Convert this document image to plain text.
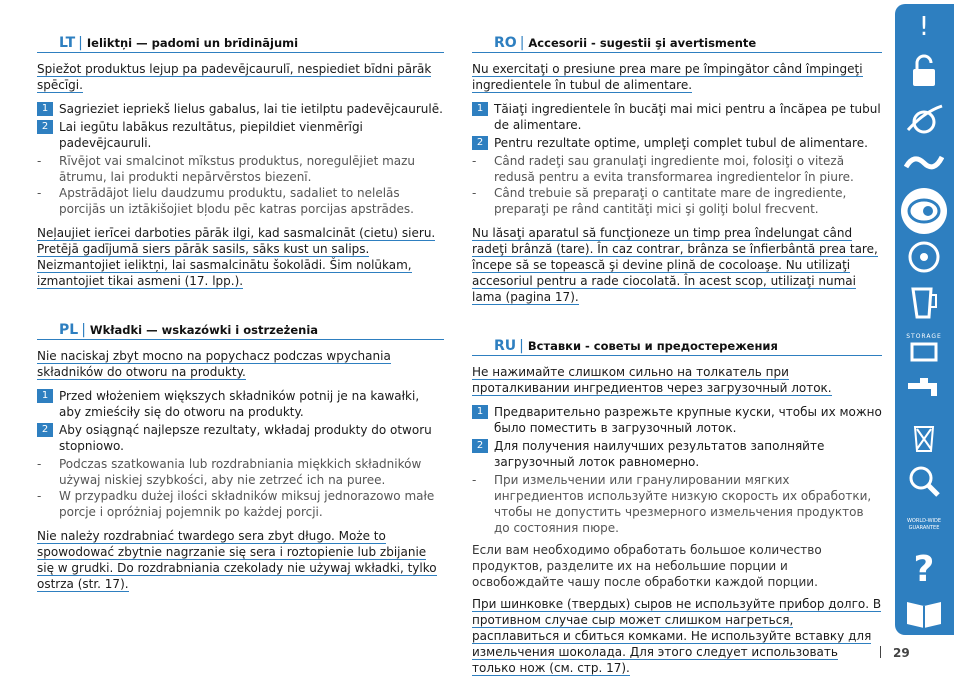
LT | Ieliktņi — padomi un brīdinājumi
Spiežot produktus lejup pa padevējcaurulī, nespiediet bīdni pārāk spēcīgi.
1 Sagrieziet iepriekš lielus gabalus, lai tie ietilptu padevējcaurulē.
2 Lai iegūtu labākus rezultātus, piepildiet vienmērīgi padevējcauruli.
-	Rīvējot vai smalcinot mīkstus produktus, noregulējiet mazu ātrumu, lai produkti nepārvērstos biezenī.
-	Apstrādājot lielu daudzumu produktu, sadaliet to nelelās porcijās un iztākišojiet bļodu pēc katras porcijas apstrādes.
Neļaujiet ierīcei darboties pārāk ilgi, kad sasmalcināt (cietu) sieru. Pretējā gadījumā siers pārāk sasils, sāks kust un salips. Neizmantojiet ieliktņi, lai sasmalcinātu šokolādi. Šim nolūkam, izmantojiet tikai asmeni (17. lpp.).
PL | Wkładki — wskazówki i ostrzeżenia
Nie naciskaj zbyt mocno na popychacz podczas wpychania składników do otworu na produkty.
1 Przed włożeniem większych składników potnij je na kawałki, aby zmieściły się do otworu na produkty.
2 Aby osiągnąć najlepsze rezultaty, wkładaj produkty do otworu stopniowo.
-	Podczas szatkowania lub rozdrabniania miękkich składników używaj niskiej szybkości, aby nie zetrzeć ich na puree.
-	W przypadku dużej ilości składników miksuj jednorazowo małe porcje i opróżniaj pojemnik po każdej porcji.
Nie należy rozdrabniać twardego sera zbyt długo. Może to spowodować zbytnie nagrzanie się sera i roztopienie lub zbijanie się w grudki. Do rozdrabniania czekolady nie używaj wkładki, tylko ostrza (str. 17).
RO | Accesorii - sugestii şi avertismente
Nu exercitaţi o presiune prea mare pe împingător când împingeţi ingredientele în tubul de alimentare.
1 Tăiaţi ingredientele în bucăţi mai mici pentru a încăpea pe tubul de alimentare.
2 Pentru rezultate optime, umpleţi complet tubul de alimentare.
-	Când radeţi sau granulaţi ingrediente moi, folosiţi o viteză redusă pentru a evita transformarea ingredientelor în piure.
-	Când trebuie să preparaţi o cantitate mare de ingrediente, preparaţi pe rând cantităţi mici şi goliţi bolul frecvent.
Nu lăsaţi aparatul să funcţioneze un timp prea îndelungat când radeţi brânză (tare). În caz contrar, brânza se înfierbântă prea tare, începe să se topească şi devine plină de cocoloaşe. Nu utilizaţi accesoriul pentru a rade ciocolată. În acest scop, utilizaţi numai lama (pagina 17).
RU | Вставки - советы и предостережения
Не нажимайте слишком сильно на толкатель при проталкивании ингредиентов через загрузочный лоток.
1 Предварительно разрежьте крупные куски, чтобы их можно было поместить в загрузочный лоток.
2 Для получения наилучших результатов заполняйте загрузочный лоток равномерно.
-	При измельчении или гранулировании мягких ингредиентов используйте низкую скорость их обработки, чтобы не допустить чрезмерного измельчения продуктов до состояния пюре.
Если вам необходимо обработать большое количество продуктов, разделите их на небольшие порции и освобождайте чашу после обработки каждой порции.
При шинковке (твердых) сыров не используйте прибор долго. В противном случае сыр может слишком нагреться, расплавиться и сбиться комками. Не используйте вставку для измельчения шоколада. Для этого следует использовать только нож (см. стр. 17).
!
STORAGE
WORLD-WIDE GUARANTEE
?
29
